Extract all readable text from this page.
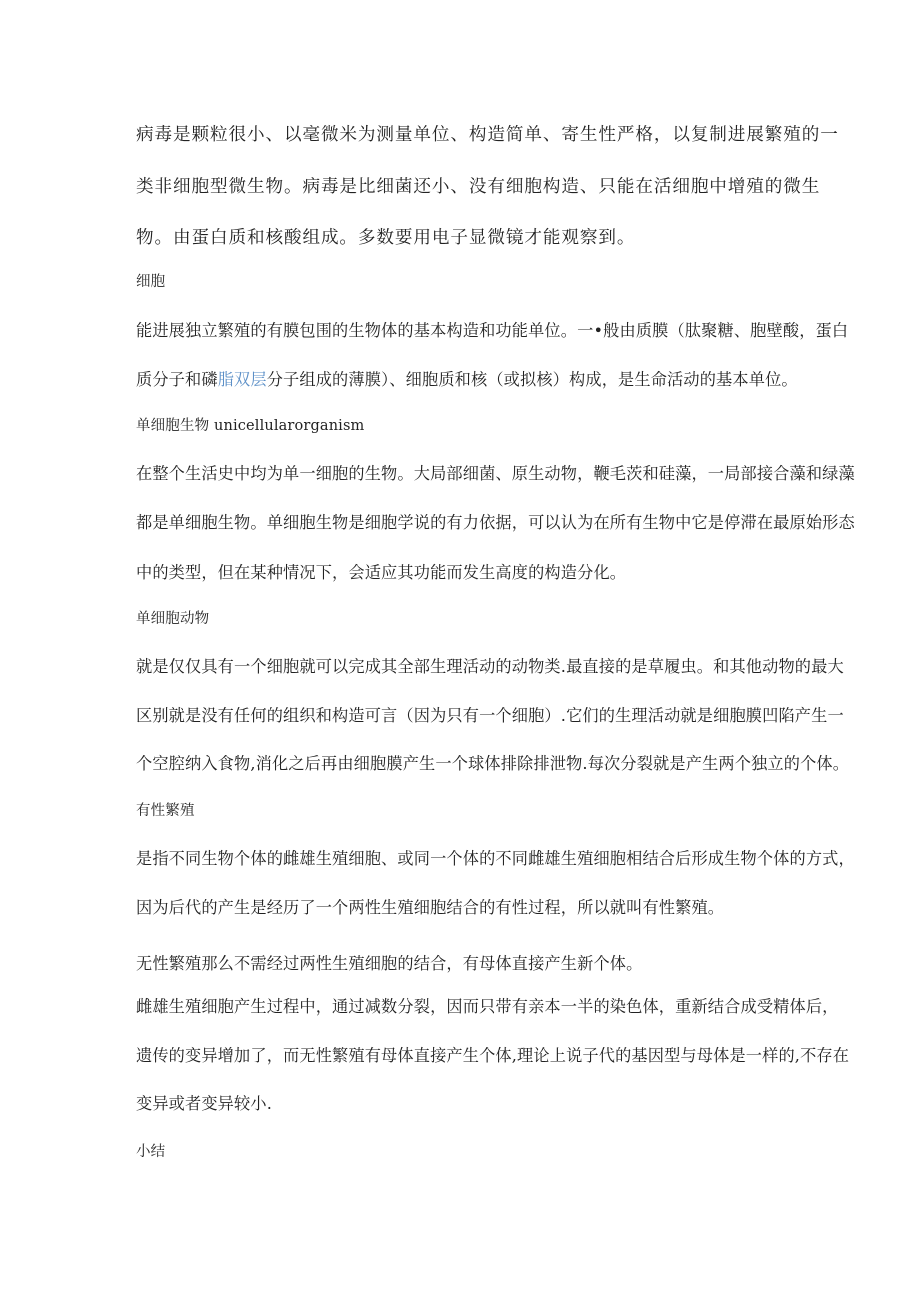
病毒是颗粒很小、以毫微米为测量单位、构造简单、寄生性严格，以复制进展繁殖的一
类非细胞型微生物。病毒是比细菌还小、没有细胞构造、只能在活细胞中增殖的微生
物。由蛋白质和核酸组成。多数要用电子显微镜才能观察到。
细胞
能进展独立繁殖的有膜包围的生物体的基本构造和功能单位。一•般由质膜（肽聚糖、胞壁酸，蛋白
质分子和磷脂双层分子组成的薄膜）、细胞质和核（或拟核）构成，是生命活动的基本单位。
单细胞生物 unicellularorganism
在整个生活史中均为单一细胞的生物。大局部细菌、原生动物，鞭毛茨和硅藻，一局部接合藻和绿藻
都是单细胞生物。单细胞生物是细胞学说的有力依据，可以认为在所有生物中它是停滞在最原始形态
中的类型，但在某种情况下，会适应其功能而发生高度的构造分化。
单细胞动物
就是仅仅具有一个细胞就可以完成其全部生理活动的动物类.最直接的是草履虫。和其他动物的最大
区别就是没有任何的组织和构造可言（因为只有一个细胞）.它们的生理活动就是细胞膜凹陷产生一
个空腔纳入食物,消化之后再由细胞膜产生一个球体排除排泄物.每次分裂就是产生两个独立的个体。
有性繁殖
是指不同生物个体的雌雄生殖细胞、或同一个体的不同雌雄生殖细胞相结合后形成生物个体的方式，
因为后代的产生是经历了一个两性生殖细胞结合的有性过程，所以就叫有性繁殖。
无性繁殖那么不需经过两性生殖细胞的结合，有母体直接产生新个体。
雌雄生殖细胞产生过程中，通过减数分裂，因而只带有亲本一半的染色体，重新结合成受精体后，
遗传的变异增加了，而无性繁殖有母体直接产生个体,理论上说子代的基因型与母体是一样的,不存在
变异或者变异较小.
小结
